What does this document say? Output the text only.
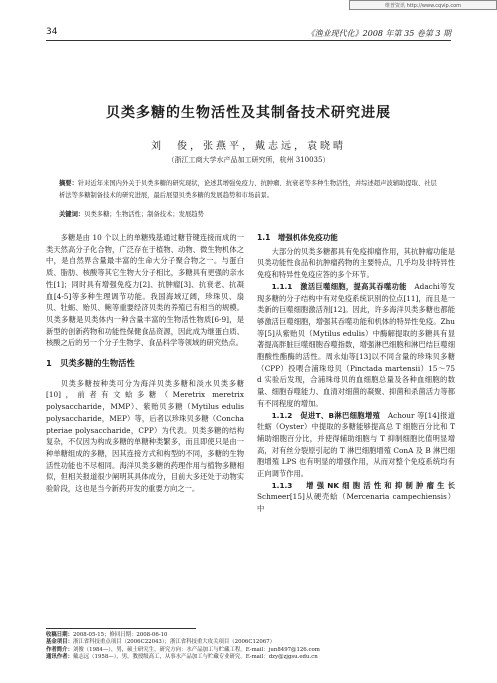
维普资讯 http://www.cqvip.com
34	《渔业现代化》2008 年第 35 卷第 3 期
贝类多糖的生物活性及其制备技术研究进展
刘　俊，张燕平，戴志远，袁晓晴
（浙江工商大学水产品加工研究所，杭州 310035）
摘要：针对近年来国内外关于贝类多糖的研究现状，论述其增强免疫力、抗肿瘤、抗衰老等多种生物活性，并综述超声波辅助提取、社层析法等多糖制备技术的研究进展，最后展望贝类多糖的发展趋势和市场前景。
关键词：贝类多糖；生物活性；制备技术；发展趋势

多糖是由 10 个以上的单糖残基通过糖苷键连接而成的一类天然高分子化合物，广泛存在于植物、动物、微生物机体之中，是自然界含量最丰富的生命大分子聚合物之一。与蛋白质、脂肪、核酸等其它生物大分子相比，多糖具有更强的亲水性[1]；同时具有增强免疫力[2]、抗肿瘤[3]、抗衰老、抗凝血[4-5]等多种生理调节功能。我国海域辽阔，珍珠贝、扇贝、牡蛎、贻贝、鲍等重要经济贝类的养殖已有相当的规模。贝类多糖是贝类体内一种含量丰富的生物活性物质[6-9]，是新型的创新药物和功能性保健食品资源，因此成为继蛋白质、核酸之后的另一个分子生物学、食品科学等领域的研究热点。

1　贝类多糖的生物活性

贝类多糖按种类可分为海洋贝类多糖和淡水贝类多糖[10]，前者有文蛤多糖（Meretrix meretrix polysaccharide，MMP）、紫贻贝多糖（Mytilus edulis polysaccharide，MEP）等，后者以珍珠贝多糖（Concha pteriae polysaccharide，CPP）为代表。贝类多糖的结构复杂，不仅因为构成多糖的单糖种类繁多，而且即使只是由一种单糖组成的多糖，因其连接方式和构型的不同，多糖的生物活性功能也不尽相同。海洋贝类多糖的药理作用与植物多糖相似，但相关报道很少阐明其具体成分，目前大多还处于动物实验阶段，这也是当今新药开发的重要方向之一。

1.1　增强机体免疫功能

大部分的贝类多糖都具有免疫抑瘤作用，其抗肿瘤功能是贝类功能性食品和抗肿瘤药物的主要特点，几乎均及非特异性免疫和特异性免疫应答的多个环节。

1.1.1　激活巨噬细胞，提高其吞噬功能　 Adachi等发现多糖的分子结构中有对免疫系统识别的位点[11]，而且是一类新的巨噬细胞激活剂[12]。因此，许多海洋贝类多糖也都能够激活巨噬细胞，增强其吞噬功能和机体的特异性免疫。Zhu 等[5]从紫贻贝（Mytilus edulis）中酶解提取的多糖具有显著提高胖脏巨噬细胞吞噬指数，增强淋巴细胞和淋巴结巨噬细胞酸性酯酶的活性。周永灿等[13]以不同含量的珍珠贝多糖（CPP）投喂合浦珠母贝（Pinctada martensii）15～75 d 实验后发现，合浦珠母贝的血细胞总量及各种血细胞的数量、细胞吞噬能力、血清对细菌的凝聚、抑菌和杀菌活力等都有不同程度的增加。

1.1.2　促进T、B淋巴细胞增殖　 Achour 等[14]报道牡蛎（Oyster）中提取的多糖能够提高总 T 细胞百分比和 T 辅助细胞百分比，并使得辅助细胞与 T 抑制细胞比值明显增高，对有丝分裂原引起的 T 淋巴细胞增殖 ConA 及 B 淋巴细胞增殖 LPS 也有明显的增强作用，从而对整个免疫系统均有正向调节作用。

1.1.3　增强NK细胞活性和抑制肿瘤生长　Schmeer[15]从硬壳蛤（Mercenaria campechiensis）中

收稿日期：2008-05-15；修回日期：2008-06-10
基金项目：浙江省科技重点项目（2006C22043）；浙江省科技重大攻关项目（2006C12067）
作者简介：刘俊（1984—），男，硕士研究生，研究方向：水产品加工与贮藏工程。E-mail：jun8497@126.com
通讯作者：戴志远（1958—），男，教授级高工，从事水产品加工与贮藏专业研究。E-mail：dzy@zjgsu.edu.cn
